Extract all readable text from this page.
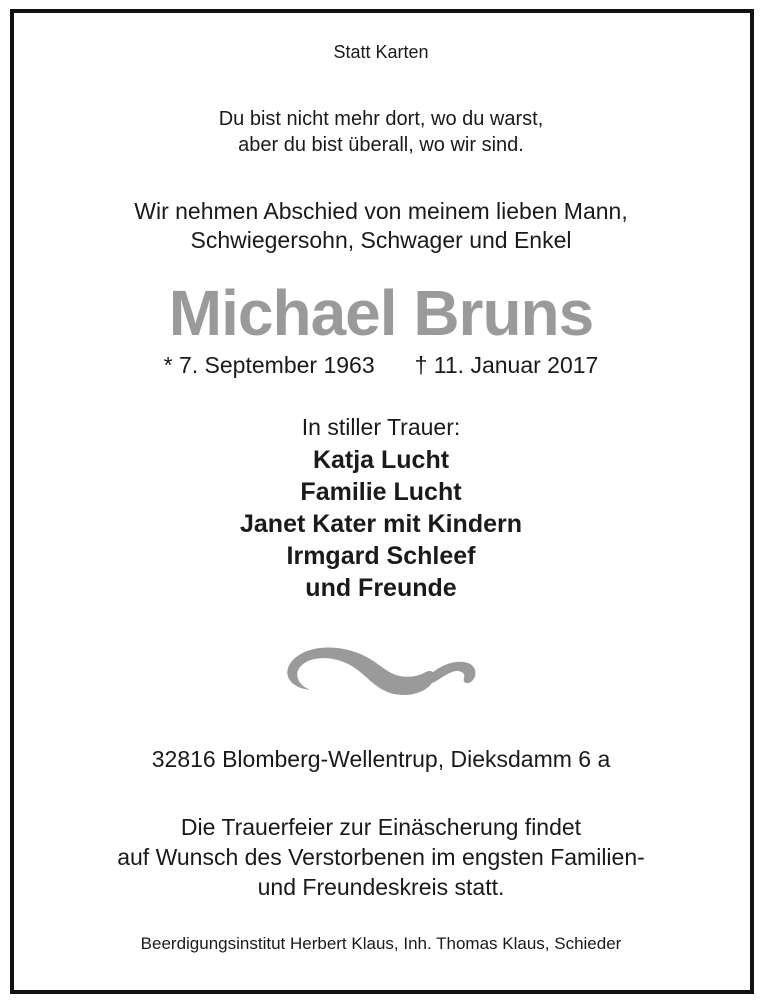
Statt Karten
Du bist nicht mehr dort, wo du warst,
aber du bist überall, wo wir sind.
Wir nehmen Abschied von meinem lieben Mann,
Schwiegersohn, Schwager und Enkel
Michael Bruns
* 7. September 1963 † 11. Januar 2017
In stiller Trauer:
Katja Lucht
Familie Lucht
Janet Kater mit Kindern
Irmgard Schleef
und Freunde
32816 Blomberg-Wellentrup, Dieksdamm 6 a
Die Trauerfeier zur Einäscherung findet
auf Wunsch des Verstorbenen im engsten Familien-
und Freundeskreis statt.
Beerdigungsinstitut Herbert Klaus, Inh. Thomas Klaus, Schieder
